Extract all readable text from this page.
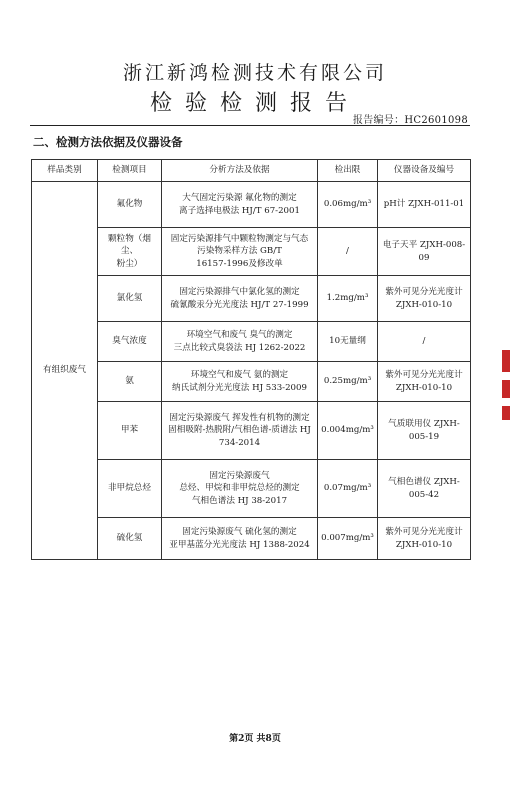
浙江新鸿检测技术有限公司
检验检测报告
报告编号：HC2601098
二、检测方法依据及仪器设备
样品类别	检测项目	分析方法及依据	检出限	仪器设备及编号
有组织废气	氟化物	大气固定污染源 氟化物的测定
离子选择电极法 HJ/T 67-2001	0.06mg/m³	pH计 ZJXH-011-01
	颗粒物（烟尘、
粉尘）	固定污染源排气中颗粒物测定与气态
污染物采样方法 GB/T
16157-1996及修改单	/	电子天平 ZJXH-008-09
	氯化氢	固定污染源排气中氯化氢的测定
硫氰酸汞分光光度法 HJ/T 27-1999	1.2mg/m³	紫外可见分光光度计
ZJXH-010-10
	臭气浓度	环境空气和废气 臭气的测定
三点比较式臭袋法 HJ 1262-2022	10无量纲	/
	氨	环境空气和废气 氨的测定
纳氏试剂分光光度法 HJ 533-2009	0.25mg/m³	紫外可见分光光度计
ZJXH-010-10
	甲苯	固定污染源废气 挥发性有机物的测定
固相吸附-热脱附/气相色谱-质谱法 HJ
734-2014	0.004mg/m³	气质联用仪 ZJXH-005-19
	非甲烷总烃	固定污染源废气
总烃、甲烷和非甲烷总烃的测定
气相色谱法 HJ 38-2017	0.07mg/m³	气相色谱仪 ZJXH-005-42
	硫化氢	固定污染源废气 硫化氢的测定
亚甲基蓝分光光度法 HJ 1388-2024	0.007mg/m³	紫外可见分光光度计
ZJXH-010-10
第2页 共8页
